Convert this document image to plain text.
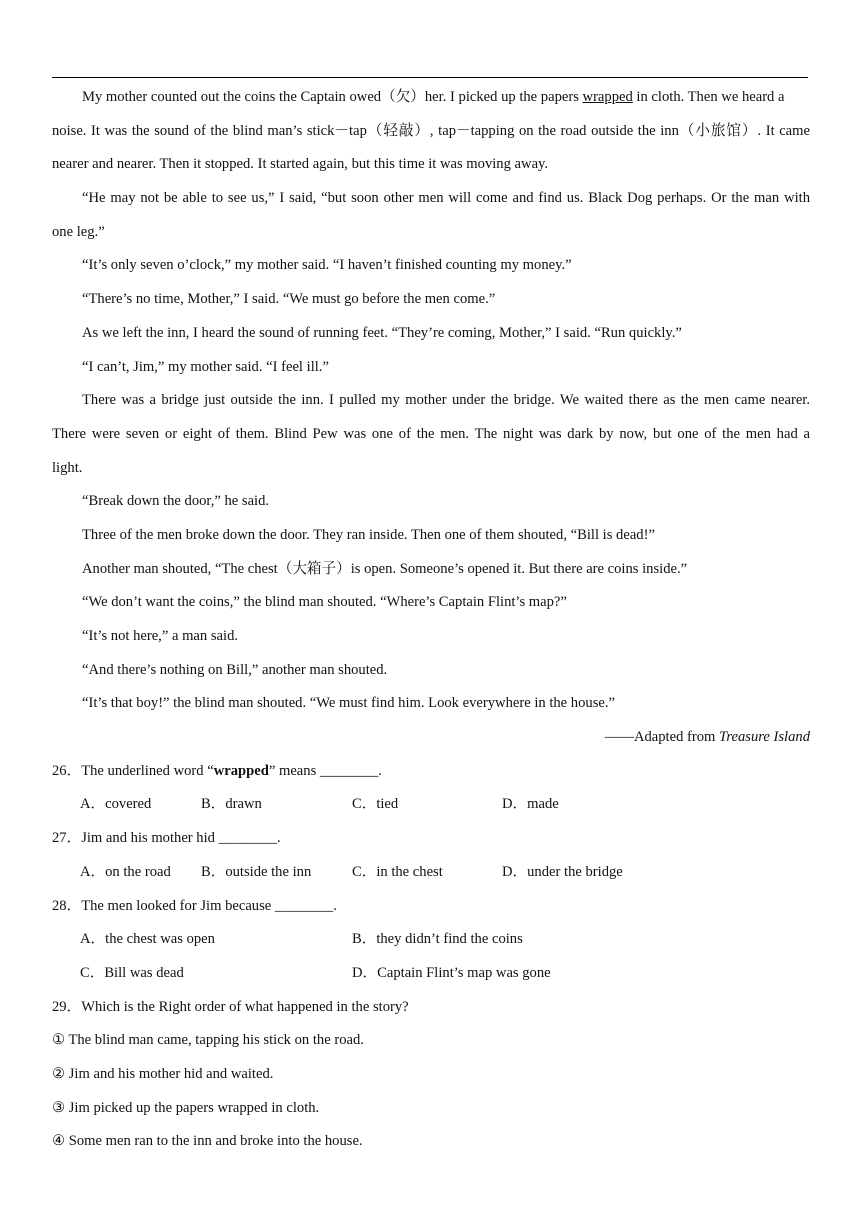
My mother counted out the coins the Captain owed（欠）her. I picked up the papers wrapped in cloth. Then we heard a
noise. It was the sound of the blind man’s stick－tap（轻敲）, tap－tapping on the road outside the inn（小旅馆）. It came
nearer and nearer. Then it stopped. It started again, but this time it was moving away.
“He may not be able to see us,” I said, “but soon other men will come and find us. Black Dog perhaps. Or the man with
one leg.”
“It’s only seven o’clock,” my mother said. “I haven’t finished counting my money.”
“There’s no time, Mother,” I said. “We must go before the men come.”
As we left the inn, I heard the sound of running feet. “They’re coming, Mother,” I said. “Run quickly.”
“I can’t, Jim,” my mother said. “I feel ill.”
There was a bridge just outside the inn. I pulled my mother under the bridge. We waited there as the men came nearer.
There were seven or eight of them. Blind Pew was one of the men. The night was dark by now, but one of the men had a
light.
“Break down the door,” he said.
Three of the men broke down the door. They ran inside. Then one of them shouted, “Bill is dead!”
Another man shouted, “The chest（大箱子）is open. Someone’s opened it. But there are coins inside.”
“We don’t want the coins,” the blind man shouted. “Where’s Captain Flint’s map?”
“It’s not here,” a man said.
“And there’s nothing on Bill,” another man shouted.
“It’s that boy!” the blind man shouted. “We must find him. Look everywhere in the house.”
——Adapted from Treasure Island
26．The underlined word “wrapped” means ________.
A．covered	B．drawn	C．tied	D．made
27．Jim and his mother hid ________.
A．on the road B．outside the inn	C．in the chest	D．under the bridge
28．The men looked for Jim because ________.
A．the chest was open	B．they didn’t find the coins
C．Bill was dead	D．Captain Flint’s map was gone
29．Which is the Right order of what happened in the story?
① The blind man came, tapping his stick on the road.
② Jim and his mother hid and waited.
③ Jim picked up the papers wrapped in cloth.
④ Some men ran to the inn and broke into the house.
